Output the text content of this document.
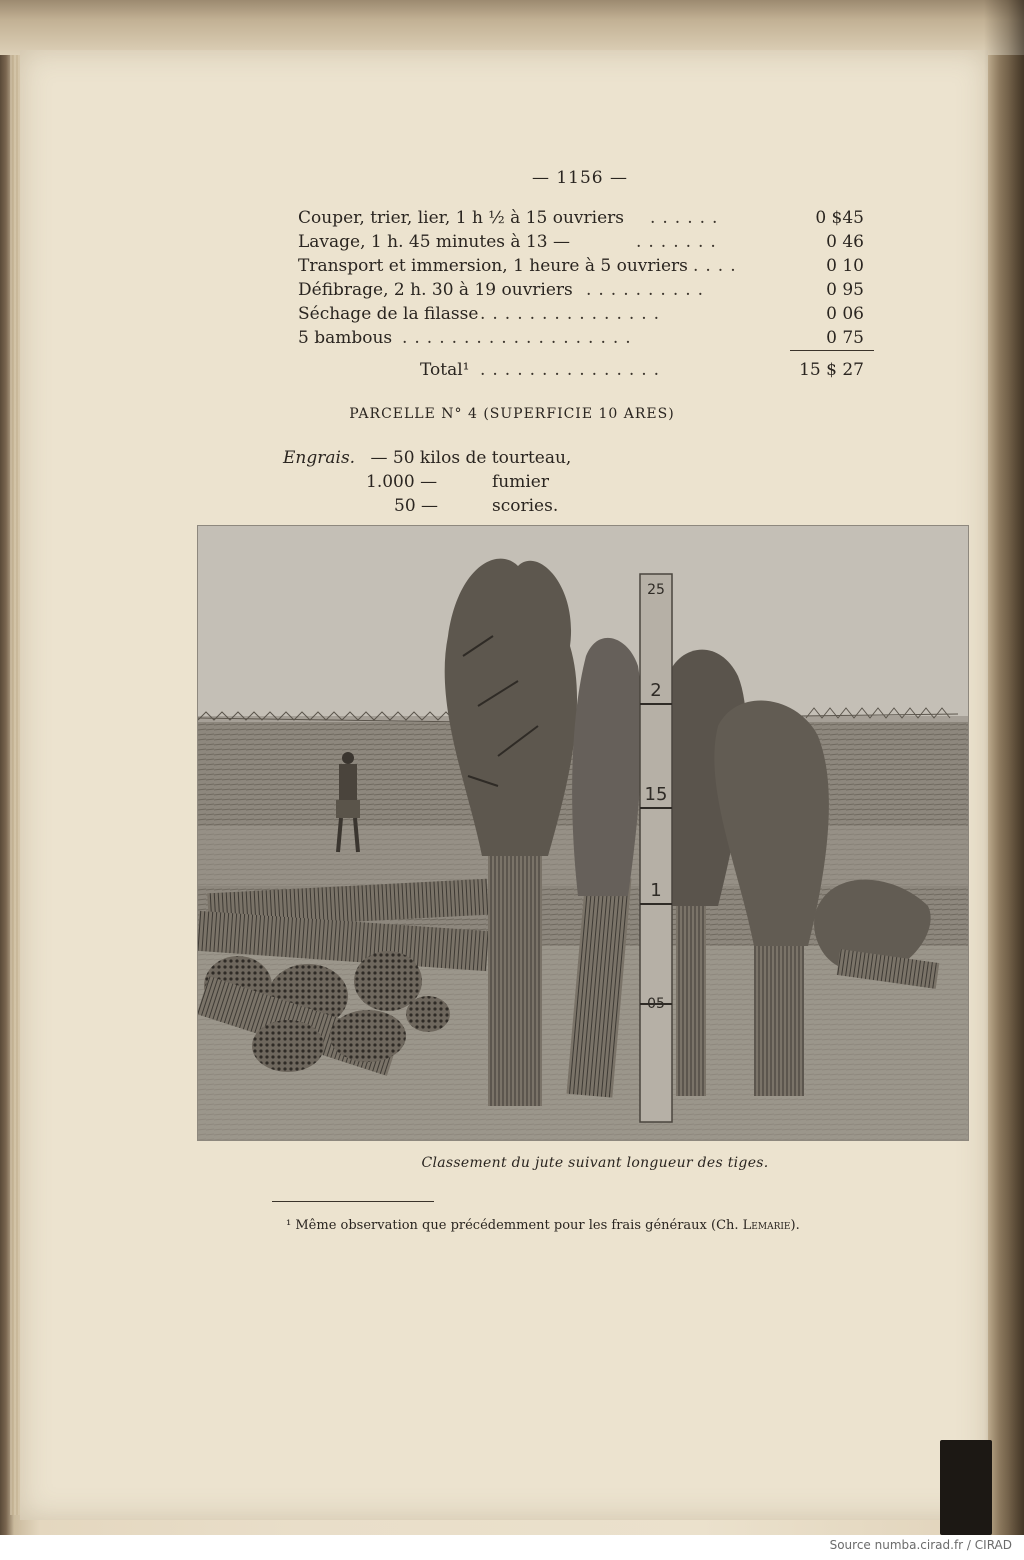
— 1156 —
Couper, trier, lier, 1 h ½ à 15 ouvriers ......	0 $45
Lavage, 1 h. 45 minutes à 13 —	.......	0 46
Transport et immersion, 1 heure à 5 ouvriers ....	0 10
Défibrage, 2 h. 30 à 19 ouvriers ..........	0 95
Séchage de la filasse ...............	0 06
5 bambous ...................	0 75
Total¹ ...............	15 $ 27
PARCELLE N° 4 (SUPERFICIE 10 ARES)
Engrais. — 50 kilos de tourteau,
1.000 —	fumier
50 —	scories.
25
2
15
1
05
Classement du jute suivant longueur des tiges.
¹ Même observation que précédemment pour les frais généraux (Ch. Lemarie).
Source numba.cirad.fr / CIRAD
